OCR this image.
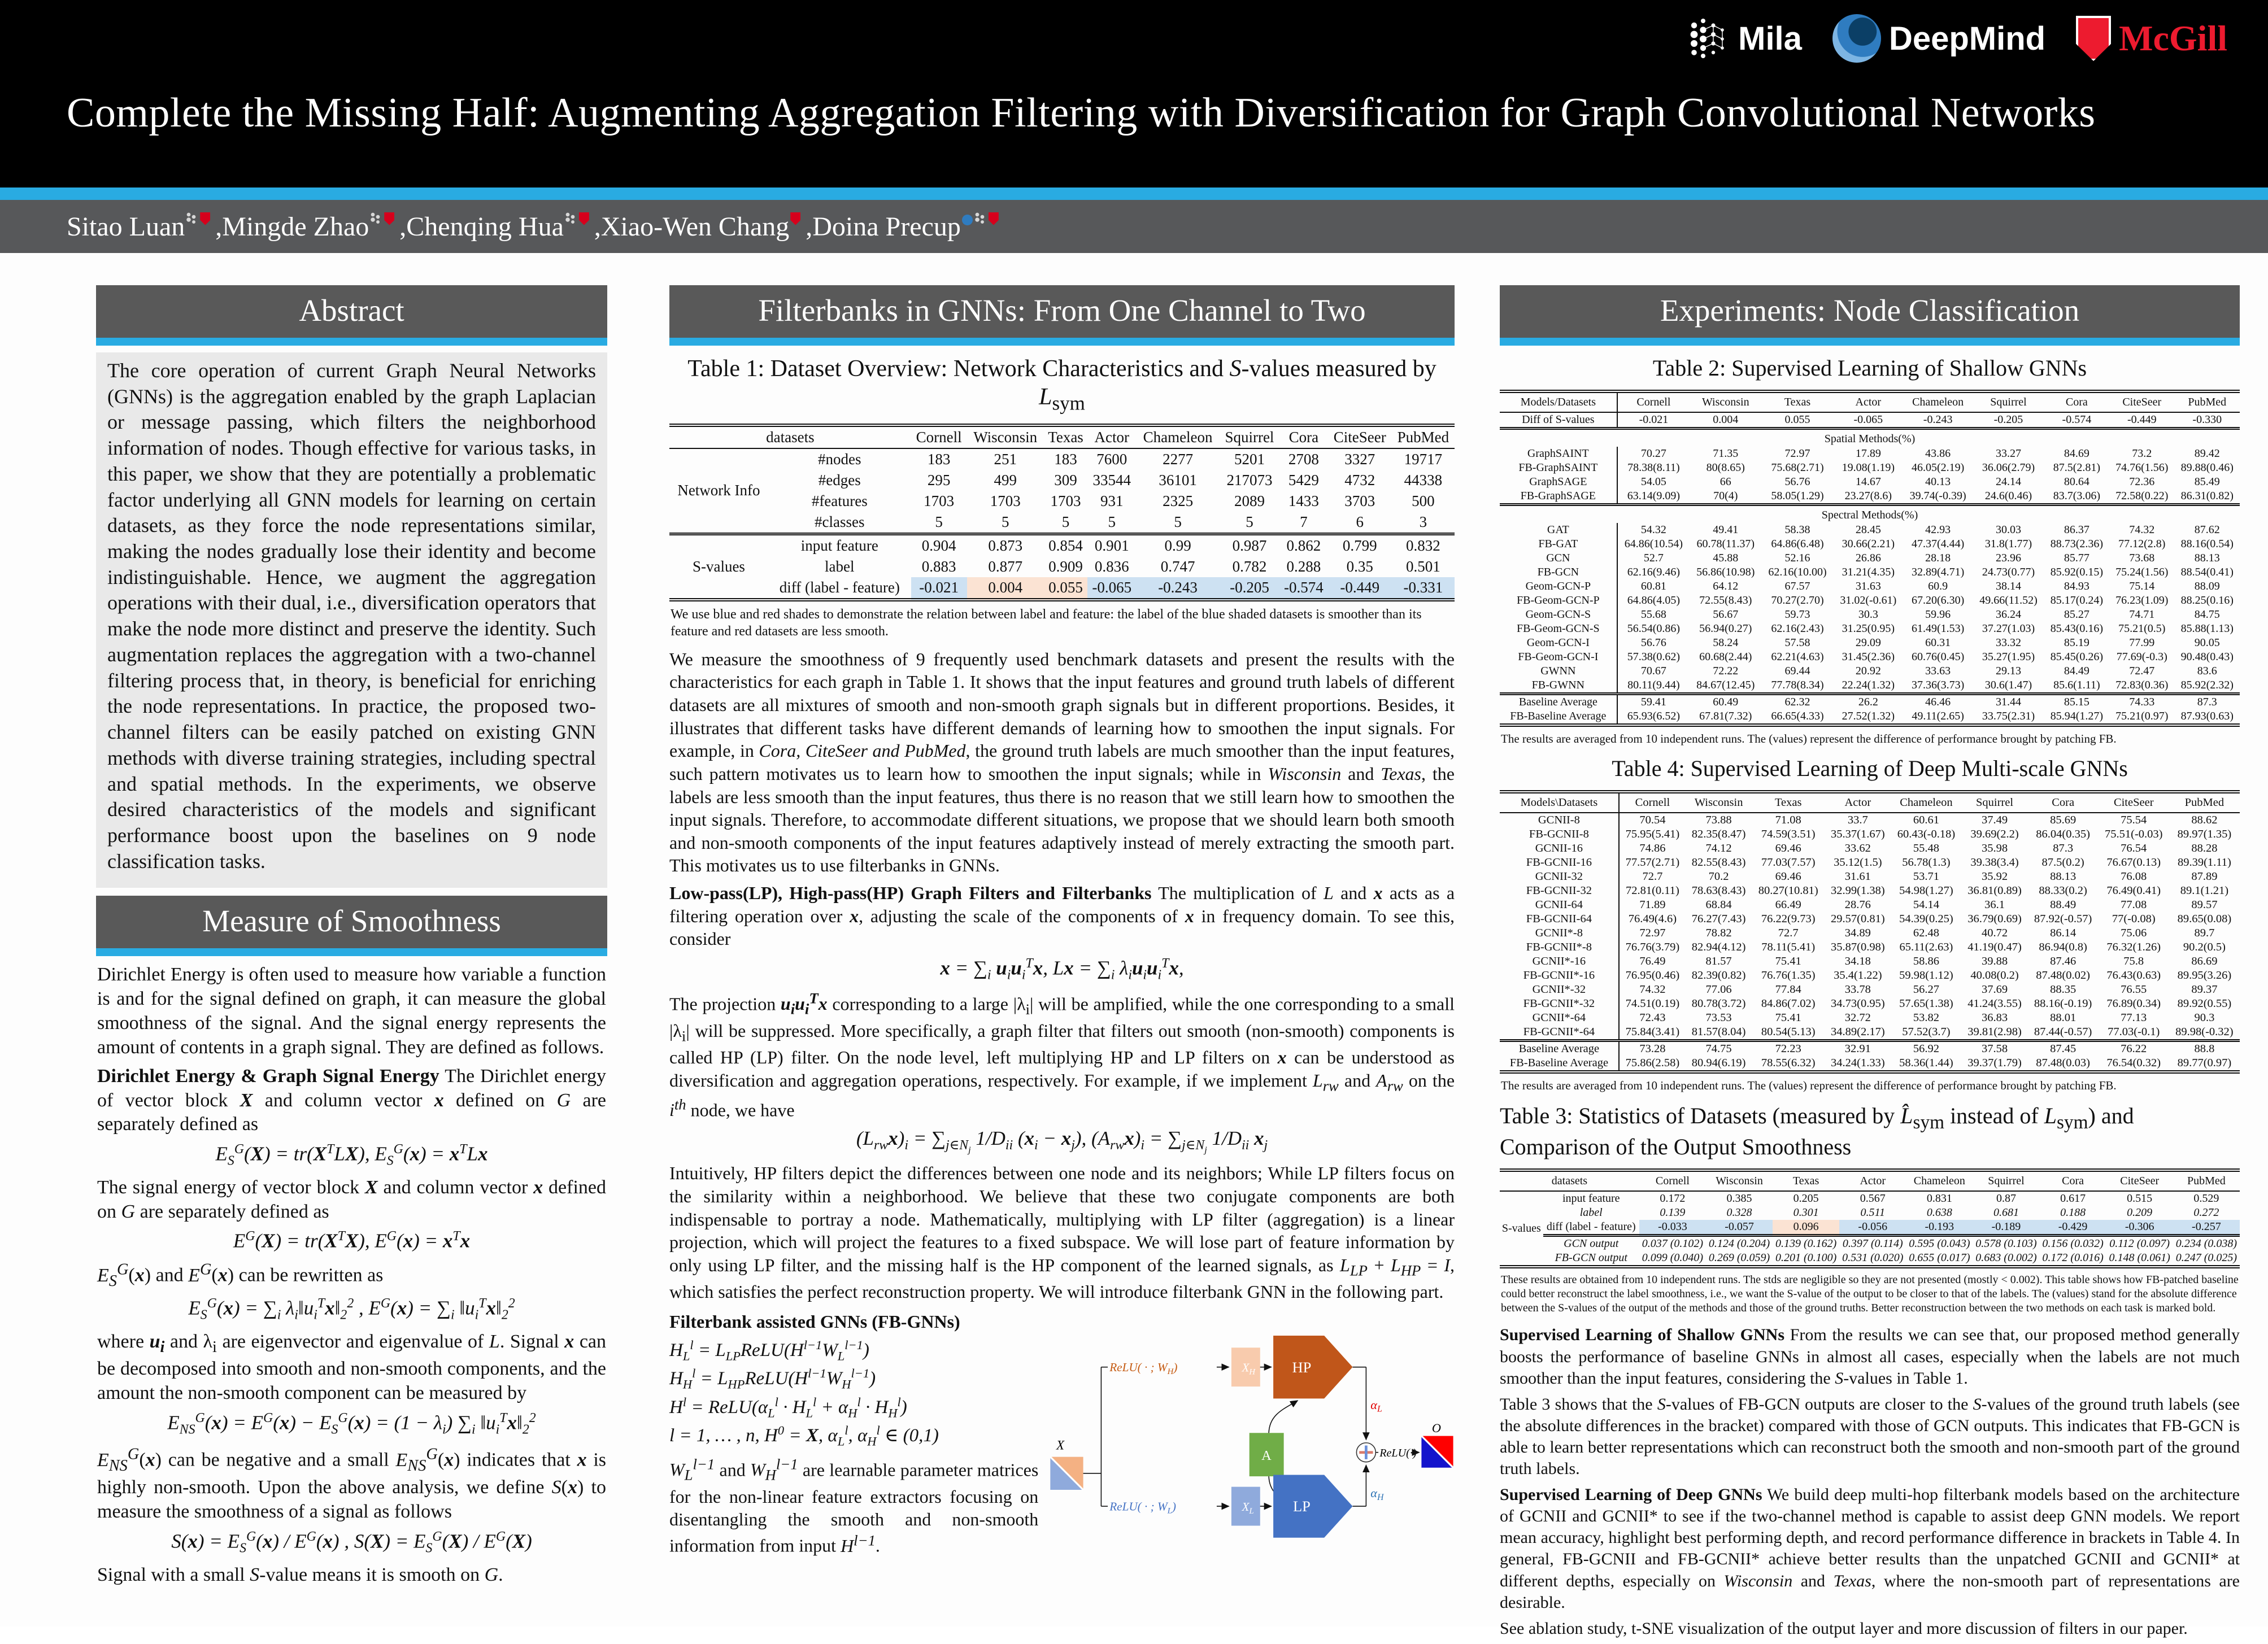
Complete the Missing Half: Augmenting Aggregation Filtering with Diversification for Graph Convolutional Networks
Mila	DeepMind McGill
Sitao Luan , Mingde Zhao , Chenqing Hua , Xiao-Wen Chang , Doina Precup
Abstract

The core operation of current Graph Neural Networks (GNNs) is the aggregation enabled by the graph Laplacian or message passing, which filters the neighborhood information of nodes. Though effective for various tasks, in this paper, we show that they are potentially a problematic factor underlying all GNN models for learning on certain datasets, as they force the node representations similar, making the nodes gradually lose their identity and become indistinguishable. Hence, we augment the aggregation operations with their dual, i.e., diversification operators that make the node more distinct and preserve the identity. Such augmentation replaces the aggregation with a two-channel filtering process that, in theory, is beneficial for enriching the node representations. In practice, the proposed two-channel filters can be easily patched on existing GNN methods with diverse training strategies, including spectral and spatial methods. In the experiments, we observe desired characteristics of the models and significant performance boost upon the baselines on 9 node classification tasks.

Measure of Smoothness

Dirichlet Energy is often used to measure how variable a function is and for the signal defined on graph, it can measure the global smoothness of the signal. And the signal energy represents the amount of contents in a graph signal. They are defined as follows.

Dirichlet Energy & Graph Signal Energy The Dirichlet energy of vector block X and column vector x defined on G are separately defined as

$E_S^G(X) = tr(X^TLX)$, $E_S^G(x) = x^TLx$

The signal energy of vector block X and column vector x defined on G are separately defined as

$E^G(X) = tr(X^TX)$, $E^G(x) = x^Tx$

$E_S^G(x)$ and $E^G(x)$ can be rewritten as

$E_S^G(x) = \sum_i$ $\lambda_i‖u_i^Tx‖_2^2$ , $E^G(x) = \sum_i$ $‖u_i^Tx‖_2^2$

where $u_i$ and $\lambda_i$ are eigenvector and eigenvalue of L. Signal x can be decomposed into smooth and non-smooth components, and the amount the non-smooth component can be measured by

$E_{NS}^G(x) = E^G(x) - E_S^G(x) = (1 - \lambda_i)$ $\sum_i$ $‖u_i^Tx‖_2^2$

$E_{NS}^G(x)$ can be negative and a small $E_{NS}^G(x)$ indicates that x is highly non-smooth. Upon the above analysis, we define S(x) to measure the smoothness of a signal as follows

$S(x) = E_S^G(x) / E^G(x)$ , $S(X) = E_S^G(X) / E^G(X)$

Signal with a small S-value means it is smooth on G.

Filterbanks in GNNs: From One Channel to Two
Table 1: Dataset Overview: Network Characteristics and S-values measured by $L_{sym}$
datasets		Cornell	Wisconsin	Texas	Actor	Chameleon	Squirrel	Cora	CiteSeer	PubMed
Network Info	#nodes	183	251	183	7600	2277	5201	2708	3327	19717
	#edges	295	499	309	33544	36101	217073	5429	4732	44338
	#features	1703	1703	1703	931	2325	2089	1433	3703	500
	#classes	5	5	5	5	5	5	7	6	3
S-values	input feature	0.904	0.873	0.854	0.901	0.99	0.987	0.862	0.799	0.832
	label	0.883	0.877	0.909	0.836	0.747	0.782	0.288	0.35	0.501
	diff (label - feature)	-0.021	0.004	0.055	-0.065	-0.243	-0.205	-0.574	-0.449	-0.331
We use blue and red shades to demonstrate the relation between label and feature: the label of the blue shaded datasets is smoother than its feature and red datasets are less smooth.

We measure the smoothness of 9 frequently used benchmark datasets and present the results with the characteristics for each graph in Table 1. It shows that the input features and ground truth labels of different datasets are all mixtures of smooth and non-smooth graph signals but in different proportions. Besides, it illustrates that different tasks have different demands of learning how to smoothen the input signals. For example, in Cora, CiteSeer and PubMed, the ground truth labels are much smoother than the input features, such pattern motivates us to learn how to smoothen the input signals; while in Wisconsin and Texas, the labels are less smooth than the input features, thus there is no reason that we still learn how to smoothen the input signals. Therefore, to accommodate different situations, we propose that we should learn both smooth and non-smooth components of the input features adaptively instead of merely extracting the smooth part. This motivates us to use filterbanks in GNNs.

Low-pass(LP), High-pass(HP) Graph Filters and Filterbanks The multiplication of L and x acts as a filtering operation over x, adjusting the scale of the components of x in frequency domain. To see this, consider

$x = \sum_i$ $u_iu_i^Tx$, $Lx = \sum_i$ $\lambda_iu_iu_i^Tx$,

The projection $u_iu_i^Tx$ corresponding to a large $|\lambda_i|$ will be amplified, while the one corresponding to a small $|\lambda_i|$ will be suppressed. More specifically, a graph filter that filters out smooth (non-smooth) components is called HP (LP) filter. On the node level, left multiplying HP and LP filters on x can be understood as diversification and aggregation operations, respectively. For example, if we implement $L_{rw}$ and $A_{rw}$ on the $i^{th}$ node, we have

$(L_{rw}x)_i = \sum_{j\in N_j}$ $1/D_{ii}$ $(x_i - x_j)$, $(A_{rw}x)_i = \sum_{j\in N_j}$ $1/D_{ii}$ $x_j$

Intuitively, HP filters depict the differences between one node and its neighbors; While LP filters focus on the similarity within a neighborhood. We believe that these two conjugate components are both indispensable to portray a node. Mathematically, multiplying with LP filter (aggregation) is a linear projection, which will project the features to a fixed subspace. We will lose part of feature information by only using LP filter, and the missing half is the HP component of the learned signals, as $L_{LP} + L_{HP} = I$, which satisfies the perfect reconstruction property. We will introduce filterbank GNN in the following part.

Filterbank assisted GNNs (FB-GNNs)

$H_L^l$ = $L_{LP}ReLU(H^{l-1}W_L^{l-1})$
$H_H^l$ = $L_{HP}ReLU(H^{l-1}W_H^{l-1})$
$H^l$ = $ReLU(\alpha_L^l \cdot H_L^l + \alpha_H^l \cdot H_H^l)$
l = 1, … , n, $H^0 = X$, $\alpha_L^l$, $\alpha_H^l$ ∈ (0,1)

$W_L^{l-1}$ and $W_H^{l-1}$ are learnable parameter matrices for the non-linear feature extractors focusing on disentangling the smooth and non-smooth information from input $H^{l-1}$.

X
ReLU( · ; $W_H$)	$X_H$ HP
A
ReLU( · ; $W_L$)	$X_L$ LP
$\alpha_L$
$\alpha_H$
ReLU(·)
O
Experiments: Node Classification
Table 2: Supervised Learning of Shallow GNNs
Models/Datasets	Cornell	Wisconsin	Texas	Actor	Chameleon	Squirrel	Cora	CiteSeer	PubMed
Diff of S-values	-0.021	0.004	0.055	-0.065	-0.243	-0.205	-0.574	-0.449	-0.330
Spatial Methods(%)									
GraphSAINT	70.27	71.35	72.97	17.89	43.86	33.27	84.69	73.2	89.42
FB-GraphSAINT	78.38(8.11)	80(8.65)	75.68(2.71)	19.08(1.19)	46.05(2.19)	36.06(2.79)	87.5(2.81)	74.76(1.56)	89.88(0.46)
GraphSAGE	54.05	66	56.76	14.67	40.13	24.14	80.64	72.36	85.49
FB-GraphSAGE	63.14(9.09)	70(4)	58.05(1.29)	23.27(8.6)	39.74(-0.39)	24.6(0.46)	83.7(3.06)	72.58(0.22)	86.31(0.82)
Spectral Methods(%)									
GAT	54.32	49.41	58.38	28.45	42.93	30.03	86.37	74.32	87.62
FB-GAT	64.86(10.54)	60.78(11.37)	64.86(6.48)	30.66(2.21)	47.37(4.44)	31.8(1.77)	88.73(2.36)	77.12(2.8)	88.16(0.54)
GCN	52.7	45.88	52.16	26.86	28.18	23.96	85.77	73.68	88.13
FB-GCN	62.16(9.46)	56.86(10.98)	62.16(10.00)	31.21(4.35)	32.89(4.71)	24.73(0.77)	85.92(0.15)	75.24(1.56)	88.54(0.41)
Geom-GCN-P	60.81	64.12	67.57	31.63	60.9	38.14	84.93	75.14	88.09
FB-Geom-GCN-P	64.86(4.05)	72.55(8.43)	70.27(2.70)	31.02(-0.61)	67.20(6.30)	49.66(11.52)	85.17(0.24)	76.23(1.09)	88.25(0.16)
Geom-GCN-S	55.68	56.67	59.73	30.3	59.96	36.24	85.27	74.71	84.75
FB-Geom-GCN-S	56.54(0.86)	56.94(0.27)	62.16(2.43)	31.25(0.95)	61.49(1.53)	37.27(1.03)	85.43(0.16)	75.21(0.5)	85.88(1.13)
Geom-GCN-I	56.76	58.24	57.58	29.09	60.31	33.32	85.19	77.99	90.05
FB-Geom-GCN-I	57.38(0.62)	60.68(2.44)	62.21(4.63)	31.45(2.36)	60.76(0.45)	35.27(1.95)	85.45(0.26)	77.69(-0.3)	90.48(0.43)
GWNN	70.67	72.22	69.44	20.92	33.63	29.13	84.49	72.47	83.6
FB-GWNN	80.11(9.44)	84.67(12.45)	77.78(8.34)	22.24(1.32)	37.36(3.73)	30.6(1.47)	85.6(1.11)	72.83(0.36)	85.92(2.32)
Baseline Average	59.41	60.49	62.32	26.2	46.46	31.44	85.15	74.33	87.3
FB-Baseline Average	65.93(6.52)	67.81(7.32)	66.65(4.33)	27.52(1.32)	49.11(2.65)	33.75(2.31)	85.94(1.27)	75.21(0.97)	87.93(0.63)
The results are averaged from 10 independent runs. The (values) represent the difference of performance brought by patching FB.
Table 4: Supervised Learning of Deep Multi-scale GNNs
Models\Datasets	Cornell	Wisconsin	Texas	Actor	Chameleon	Squirrel	Cora	CiteSeer	PubMed
GCNII-8	70.54	73.88	71.08	33.7	60.61	37.49	85.69	75.54	88.62
FB-GCNII-8	75.95(5.41)	82.35(8.47)	74.59(3.51)	35.37(1.67)	60.43(-0.18)	39.69(2.2)	86.04(0.35)	75.51(-0.03)	89.97(1.35)
GCNII-16	74.86	74.12	69.46	33.62	55.48	35.98	87.3	76.54	88.28
FB-GCNII-16	77.57(2.71)	82.55(8.43)	77.03(7.57)	35.12(1.5)	56.78(1.3)	39.38(3.4)	87.5(0.2)	76.67(0.13)	89.39(1.11)
GCNII-32	72.7	70.2	69.46	31.61	53.71	35.92	88.13	76.08	87.89
FB-GCNII-32	72.81(0.11)	78.63(8.43)	80.27(10.81)	32.99(1.38)	54.98(1.27)	36.81(0.89)	88.33(0.2)	76.49(0.41)	89.1(1.21)
GCNII-64	71.89	68.84	66.49	28.76	54.14	36.1	88.49	77.08	89.57
FB-GCNII-64	76.49(4.6)	76.27(7.43)	76.22(9.73)	29.57(0.81)	54.39(0.25)	36.79(0.69)	87.92(-0.57)	77(-0.08)	89.65(0.08)
GCNII*-8	72.97	78.82	72.7	34.89	62.48	40.72	86.14	75.06	89.7
FB-GCNII*-8	76.76(3.79)	82.94(4.12)	78.11(5.41)	35.87(0.98)	65.11(2.63)	41.19(0.47)	86.94(0.8)	76.32(1.26)	90.2(0.5)
GCNII*-16	76.49	81.57	75.41	34.18	58.86	39.88	87.46	75.8	86.69
FB-GCNII*-16	76.95(0.46)	82.39(0.82)	76.76(1.35)	35.4(1.22)	59.98(1.12)	40.08(0.2)	87.48(0.02)	76.43(0.63)	89.95(3.26)
GCNII*-32	74.32	77.06	77.84	33.78	56.27	37.69	88.35	76.55	89.37
FB-GCNII*-32	74.51(0.19)	80.78(3.72)	84.86(7.02)	34.73(0.95)	57.65(1.38)	41.24(3.55)	88.16(-0.19)	76.89(0.34)	89.92(0.55)
GCNII*-64	72.43	73.53	75.41	32.72	53.82	36.83	88.01	77.13	90.3
FB-GCNII*-64	75.84(3.41)	81.57(8.04)	80.54(5.13)	34.89(2.17)	57.52(3.7)	39.81(2.98)	87.44(-0.57)	77.03(-0.1)	89.98(-0.32)
Baseline Average	73.28	74.75	72.23	32.91	56.92	37.58	87.45	76.22	88.8
FB-Baseline Average	75.86(2.58)	80.94(6.19)	78.55(6.32)	34.24(1.33)	58.36(1.44)	39.37(1.79)	87.48(0.03)	76.54(0.32)	89.77(0.97)
The results are averaged from 10 independent runs. The (values) represent the difference of performance brought by patching FB.
Table 3: Statistics of Datasets (measured by $L̂_{sym}$ instead of $L_{sym}$) and Comparison of the Output Smoothness
datasets		Cornell	Wisconsin	Texas	Actor	Chameleon	Squirrel	Cora	CiteSeer	PubMed
S-values	input feature	0.172	0.385	0.205	0.567	0.831	0.87	0.617	0.515	0.529
	label	0.139	0.328	0.301	0.511	0.638	0.681	0.188	0.209	0.272
	diff (label - feature)	-0.033	-0.057	0.096	-0.056	-0.193	-0.189	-0.429	-0.306	-0.257
	GCN output	0.037 (0.102)	0.124 (0.204)	0.139 (0.162)	0.397 (0.114)	0.595 (0.043)	0.578 (0.103)	0.156 (0.032)	0.112 (0.097)	0.234 (0.038)
	FB-GCN output	0.099 (0.040)	0.269 (0.059)	0.201 (0.100)	0.531 (0.020)	0.655 (0.017)	0.683 (0.002)	0.172 (0.016)	0.148 (0.061)	0.247 (0.025)
These results are obtained from 10 independent runs. The stds are negligible so they are not presented (mostly < 0.002). This table shows how FB-patched baseline could better reconstruct the label smoothness, i.e., we want the S-value of the output to be closer to that of the labels. The (values) stand for the absolute difference between the S-values of the output of the methods and those of the ground truths. Better reconstruction between the two methods on each task is marked bold.

Supervised Learning of Shallow GNNs From the results we can see that, our proposed method generally boosts the performance of baseline GNNs in almost all cases, especially when the labels are not much smoother than the input features, considering the S-values in Table 1.

Table 3 shows that the S-values of FB-GCN outputs are closer to the S-values of the ground truth labels (see the absolute differences in the bracket) compared with those of GCN outputs. This indicates that FB-GCN is able to learn better representations which can reconstruct both the smooth and non-smooth part of the ground truth labels.

Supervised Learning of Deep GNNs We build deep multi-hop filterbank models based on the architecture of GCNII and GCNII* to see if the two-channel method is capable to assist deep GNN models. We report mean accuracy, highlight best performing depth, and record performance difference in brackets in Table 4. In general, FB-GCNII and FB-GCNII* achieve better results than the unpatched GCNII and GCNII* at different depths, especially on Wisconsin and Texas, where the non-smooth part of representations are desirable.

See ablation study, t-SNE visualization of the output layer and more discussion of filters in our paper.
